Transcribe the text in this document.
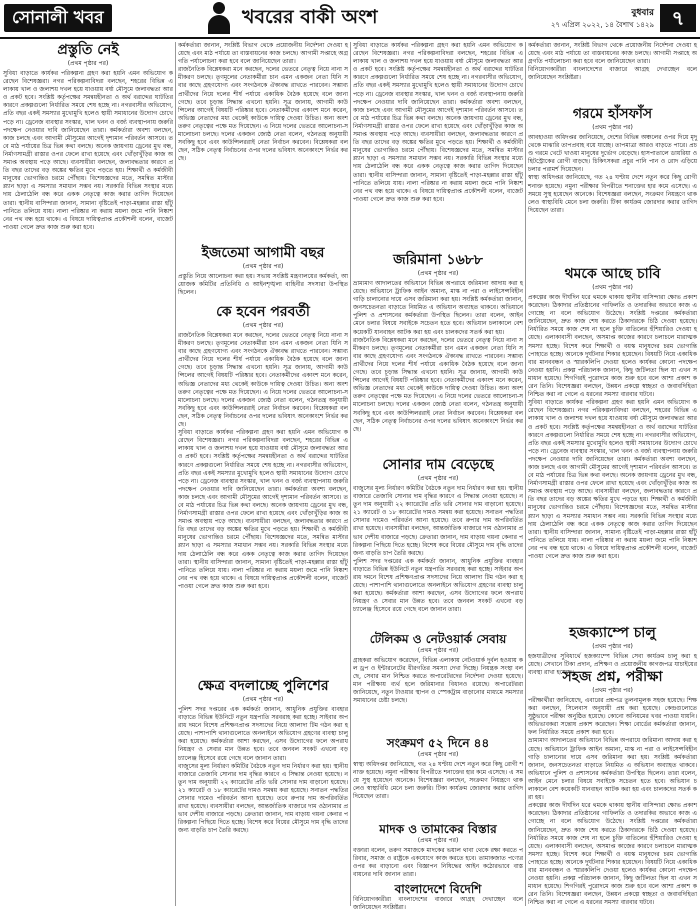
সোনালী খবর	খবরের বাকী অংশ	বুধবার
২৭ এপ্রিল ২০২২, ১৪ বৈশাখ ১৪২৯ ৭
প্রস্তুতি নেই
(প্রথম পৃষ্ঠার পর)

সুবিধা বাড়াতে কার্যকর পরিকল্পনা গ্রহণ করা হয়নি এমন অভিযোগ করেছেন বিশেষজ্ঞরা। নগর পরিকল্পনাবিদরা বলছেন, শহরের বিভিন্ন এলাকায় খাল ও জলাশয় দখল হয়ে যাওয়ায় বর্ষা মৌসুমে জলাবদ্ধতা আরও প্রকট হবে। সংশ্লিষ্ট কর্তৃপক্ষের সমন্বয়হীনতা ও অর্থ বরাদ্দের ঘাটতির কারণে প্রকল্পগুলো নির্ধারিত সময়ে শেষ হচ্ছে না। নগরবাসীর অভিযোগ, প্রতি বছর একই সমস্যার মুখোমুখি হলেও স্থায়ী সমাধানের উদ্যোগ চোখে পড়ে না। ড্রেনেজ ব্যবস্থার সংস্কার, খাল খনন ও বর্জ্য ব্যবস্থাপনায় জরুরি পদক্ষেপ নেওয়ার দাবি জানিয়েছেন তারা। কর্মকর্তারা অবশ্য বলছেন, কাজ চলছে এবং আগামী মৌসুমের আগেই দৃশ্যমান পরিবর্তন আসবে। তবে মাঠ পর্যায়ের চিত্র ভিন্ন কথা বলছে। অনেক জায়গায় ড্রেনের মুখ বন্ধ, নির্মাণসামগ্রী রাস্তার ওপর ফেলে রাখা হয়েছে এবং খোঁড়াখুঁড়ির কাজ অসমাপ্ত অবস্থায় পড়ে আছে। ব্যবসায়ীরা বলছেন, জলাবদ্ধতার কারণে প্রতি বছর তাদের বড় অঙ্কের ক্ষতির মুখে পড়তে হয়। শিক্ষার্থী ও কর্মজীবী মানুষের ভোগান্তিও চরমে পৌঁছায়। বিশেষজ্ঞদের মতে, সমন্বিত মাস্টারপ্ল্যান ছাড়া এ সমস্যার সমাধান সম্ভব নয়। সরকারি বিভিন্ন সংস্থার মধ্যে দায় ঠেলাঠেলি বন্ধ করে একক নেতৃত্বে কাজ করার তাগিদ দিয়েছেন তারা। স্থানীয় বাসিন্দারা জানান, সামান্য বৃষ্টিতেই পাড়া-মহল্লার রাস্তা হাঁটু পানিতে তলিয়ে যায়। নালা পরিষ্কার না করায় ময়লা জমে পানি নিষ্কাশনের পথ বন্ধ হয়ে থাকে। এ বিষয়ে দায়িত্বপ্রাপ্ত প্রকৌশলী বলেন, বাজেট পাওয়া গেলে দ্রুত কাজ শুরু করা হবে।

কর্মকর্তারা জানান, সংশ্লিষ্ট বিভাগ থেকে প্রয়োজনীয় নির্দেশনা দেওয়া হয়েছে এবং মাঠ পর্যায়ে তা বাস্তবায়নের কাজ চলছে। আগামী সপ্তাহে অগ্রগতি পর্যালোচনা করা হবে বলে জানিয়েছেন তারা।

রাজনৈতিক বিশ্লেষকরা মনে করছেন, দলের ভেতরে নেতৃত্ব নিয়ে নানা সমীকরণ চলছে। তৃণমূলের নেতাকর্মীরা চান এমন একজন নেতা যিনি সবার কাছে গ্রহণযোগ্য এবং সংগঠনকে ঐক্যবদ্ধ রাখতে পারবেন। সম্ভাব্য প্রার্থীদের নিয়ে দলের শীর্ষ পর্যায়ে একাধিক বৈঠক হয়েছে বলে জানা গেছে। তবে চূড়ান্ত সিদ্ধান্ত এখনো হয়নি। সূত্র জানায়, আগামী কাউন্সিলের আগেই বিষয়টি পরিষ্কার হবে। নেতাকর্মীদের একাংশ মনে করেন, অভিজ্ঞ নেতাদের মধ্য থেকেই কাউকে দায়িত্ব দেওয়া উচিত। অন্য অংশ তরুণ নেতৃত্বের পক্ষে মত দিয়েছেন। এ নিয়ে দলের ভেতরে আলোচনা-সমালোচনা চলছে। দলের একজন জ্যেষ্ঠ নেতা বলেন, গঠনতন্ত্র অনুযায়ী সবকিছু হবে এবং কাউন্সিলররাই নেতা নির্বাচন করবেন। বিশ্লেষকরা বলছেন, সঠিক নেতৃত্ব নির্বাচনের ওপর দলের ভবিষ্যৎ অনেকাংশে নির্ভর করছে।

ইজতেমা আগামী বছর
(প্রথম পৃষ্ঠার পর)

প্রস্তুতি নিয়ে আলোচনা করা হয়। সভায় সংশ্লিষ্ট মন্ত্রণালয়ের কর্মকর্তা, আয়োজক কমিটির প্রতিনিধি ও আইনশৃঙ্খলা বাহিনীর সদস্যরা উপস্থিত ছিলেন।

কে হবেন পরবর্তী
(প্রথম পৃষ্ঠার পর)

রাজনৈতিক বিশ্লেষকরা মনে করছেন, দলের ভেতরে নেতৃত্ব নিয়ে নানা সমীকরণ চলছে। তৃণমূলের নেতাকর্মীরা চান এমন একজন নেতা যিনি সবার কাছে গ্রহণযোগ্য এবং সংগঠনকে ঐক্যবদ্ধ রাখতে পারবেন। সম্ভাব্য প্রার্থীদের নিয়ে দলের শীর্ষ পর্যায়ে একাধিক বৈঠক হয়েছে বলে জানা গেছে। তবে চূড়ান্ত সিদ্ধান্ত এখনো হয়নি। সূত্র জানায়, আগামী কাউন্সিলের আগেই বিষয়টি পরিষ্কার হবে। নেতাকর্মীদের একাংশ মনে করেন, অভিজ্ঞ নেতাদের মধ্য থেকেই কাউকে দায়িত্ব দেওয়া উচিত। অন্য অংশ তরুণ নেতৃত্বের পক্ষে মত দিয়েছেন। এ নিয়ে দলের ভেতরে আলোচনা-সমালোচনা চলছে। দলের একজন জ্যেষ্ঠ নেতা বলেন, গঠনতন্ত্র অনুযায়ী সবকিছু হবে এবং কাউন্সিলররাই নেতা নির্বাচন করবেন। বিশ্লেষকরা বলছেন, সঠিক নেতৃত্ব নির্বাচনের ওপর দলের ভবিষ্যৎ অনেকাংশে নির্ভর করছে।

সুবিধা বাড়াতে কার্যকর পরিকল্পনা গ্রহণ করা হয়নি এমন অভিযোগ করেছেন বিশেষজ্ঞরা। নগর পরিকল্পনাবিদরা বলছেন, শহরের বিভিন্ন এলাকায় খাল ও জলাশয় দখল হয়ে যাওয়ায় বর্ষা মৌসুমে জলাবদ্ধতা আরও প্রকট হবে। সংশ্লিষ্ট কর্তৃপক্ষের সমন্বয়হীনতা ও অর্থ বরাদ্দের ঘাটতির কারণে প্রকল্পগুলো নির্ধারিত সময়ে শেষ হচ্ছে না। নগরবাসীর অভিযোগ, প্রতি বছর একই সমস্যার মুখোমুখি হলেও স্থায়ী সমাধানের উদ্যোগ চোখে পড়ে না। ড্রেনেজ ব্যবস্থার সংস্কার, খাল খনন ও বর্জ্য ব্যবস্থাপনায় জরুরি পদক্ষেপ নেওয়ার দাবি জানিয়েছেন তারা। কর্মকর্তারা অবশ্য বলছেন, কাজ চলছে এবং আগামী মৌসুমের আগেই দৃশ্যমান পরিবর্তন আসবে। তবে মাঠ পর্যায়ের চিত্র ভিন্ন কথা বলছে। অনেক জায়গায় ড্রেনের মুখ বন্ধ, নির্মাণসামগ্রী রাস্তার ওপর ফেলে রাখা হয়েছে এবং খোঁড়াখুঁড়ির কাজ অসমাপ্ত অবস্থায় পড়ে আছে। ব্যবসায়ীরা বলছেন, জলাবদ্ধতার কারণে প্রতি বছর তাদের বড় অঙ্কের ক্ষতির মুখে পড়তে হয়। শিক্ষার্থী ও কর্মজীবী মানুষের ভোগান্তিও চরমে পৌঁছায়। বিশেষজ্ঞদের মতে, সমন্বিত মাস্টারপ্ল্যান ছাড়া এ সমস্যার সমাধান সম্ভব নয়। সরকারি বিভিন্ন সংস্থার মধ্যে দায় ঠেলাঠেলি বন্ধ করে একক নেতৃত্বে কাজ করার তাগিদ দিয়েছেন তারা। স্থানীয় বাসিন্দারা জানান, সামান্য বৃষ্টিতেই পাড়া-মহল্লার রাস্তা হাঁটু পানিতে তলিয়ে যায়। নালা পরিষ্কার না করায় ময়লা জমে পানি নিষ্কাশনের পথ বন্ধ হয়ে থাকে। এ বিষয়ে দায়িত্বপ্রাপ্ত প্রকৌশলী বলেন, বাজেট পাওয়া গেলে দ্রুত কাজ শুরু করা হবে।

ক্ষেত্র বদলাচ্ছে পুলিশের
(প্রথম পৃষ্ঠার পর)

পুলিশ সদর দপ্তরের এক কর্মকর্তা জানান, আধুনিক প্রযুক্তির ব্যবহার বাড়াতে বিভিন্ন ইউনিটে নতুন যন্ত্রপাতি সরবরাহ করা হচ্ছে। সাইবার অপরাধ দমনে বিশেষ প্রশিক্ষণপ্রাপ্ত সদস্যদের নিয়ে আলাদা টিম গঠন করা হয়েছে। পাশাপাশি থানাগুলোতে অনলাইনে অভিযোগ গ্রহণের ব্যবস্থা চালু করা হয়েছে। কর্মকর্তারা আশা করছেন, এসব উদ্যোগের ফলে অপরাধ নিয়ন্ত্রণ ও সেবার মান উন্নত হবে। তবে জনবল সংকট এখনো বড় চ্যালেঞ্জ হিসেবে রয়ে গেছে বলে জানান তারা।

বাজুসের মূল্য নির্ধারণ কমিটির বৈঠকে নতুন দাম নির্ধারণ করা হয়। স্থানীয় বাজারে তেজাবি সোনার দাম বৃদ্ধির কারণে এ সিদ্ধান্ত নেওয়া হয়েছে। নতুন দাম অনুযায়ী ২২ ক্যারেটের প্রতি ভরি সোনার দাম বাড়ানো হয়েছে। ২১ ক্যারেট ও ১৮ ক্যারেটের দামও সমন্বয় করা হয়েছে। সনাতন পদ্ধতির সোনার দামেও পরিবর্তন আনা হয়েছে। তবে রুপার দাম অপরিবর্তিত রাখা হয়েছে। ব্যবসায়ীরা বলছেন, আন্তর্জাতিক বাজারে দাম ওঠানামার প্রভাব দেশীয় বাজারে পড়ছে। ক্রেতারা জানান, দাম বাড়ায় গয়না কেনার পরিকল্পনা পিছিয়ে দিতে হচ্ছে। বিশেষ করে বিয়ের মৌসুমে দাম বৃদ্ধি তাদের জন্য বাড়তি চাপ তৈরি করছে।

সুবিধা বাড়াতে কার্যকর পরিকল্পনা গ্রহণ করা হয়নি এমন অভিযোগ করেছেন বিশেষজ্ঞরা। নগর পরিকল্পনাবিদরা বলছেন, শহরের বিভিন্ন এলাকায় খাল ও জলাশয় দখল হয়ে যাওয়ায় বর্ষা মৌসুমে জলাবদ্ধতা আরও প্রকট হবে। সংশ্লিষ্ট কর্তৃপক্ষের সমন্বয়হীনতা ও অর্থ বরাদ্দের ঘাটতির কারণে প্রকল্পগুলো নির্ধারিত সময়ে শেষ হচ্ছে না। নগরবাসীর অভিযোগ, প্রতি বছর একই সমস্যার মুখোমুখি হলেও স্থায়ী সমাধানের উদ্যোগ চোখে পড়ে না। ড্রেনেজ ব্যবস্থার সংস্কার, খাল খনন ও বর্জ্য ব্যবস্থাপনায় জরুরি পদক্ষেপ নেওয়ার দাবি জানিয়েছেন তারা। কর্মকর্তারা অবশ্য বলছেন, কাজ চলছে এবং আগামী মৌসুমের আগেই দৃশ্যমান পরিবর্তন আসবে। তবে মাঠ পর্যায়ের চিত্র ভিন্ন কথা বলছে। অনেক জায়গায় ড্রেনের মুখ বন্ধ, নির্মাণসামগ্রী রাস্তার ওপর ফেলে রাখা হয়েছে এবং খোঁড়াখুঁড়ির কাজ অসমাপ্ত অবস্থায় পড়ে আছে। ব্যবসায়ীরা বলছেন, জলাবদ্ধতার কারণে প্রতি বছর তাদের বড় অঙ্কের ক্ষতির মুখে পড়তে হয়। শিক্ষার্থী ও কর্মজীবী মানুষের ভোগান্তিও চরমে পৌঁছায়। বিশেষজ্ঞদের মতে, সমন্বিত মাস্টারপ্ল্যান ছাড়া এ সমস্যার সমাধান সম্ভব নয়। সরকারি বিভিন্ন সংস্থার মধ্যে দায় ঠেলাঠেলি বন্ধ করে একক নেতৃত্বে কাজ করার তাগিদ দিয়েছেন তারা। স্থানীয় বাসিন্দারা জানান, সামান্য বৃষ্টিতেই পাড়া-মহল্লার রাস্তা হাঁটু পানিতে তলিয়ে যায়। নালা পরিষ্কার না করায় ময়লা জমে পানি নিষ্কাশনের পথ বন্ধ হয়ে থাকে। এ বিষয়ে দায়িত্বপ্রাপ্ত প্রকৌশলী বলেন, বাজেট পাওয়া গেলে দ্রুত কাজ শুরু করা হবে।

জরিমানা ১৬৮৮
(প্রথম পৃষ্ঠার পর)

ভ্রাম্যমাণ আদালতের অভিযানে বিভিন্ন অপরাধে জরিমানা আদায় করা হয়েছে। অভিযানে ট্রাফিক আইন অমান্য, মাস্ক না পরা ও লাইসেন্সবিহীন গাড়ি চালানোর দায়ে এসব জরিমানা করা হয়। সংশ্লিষ্ট কর্মকর্তারা জানান, জনসচেতনতা বাড়াতে নিয়মিত এ অভিযান অব্যাহত থাকবে। অভিযানে পুলিশ ও প্রশাসনের কর্মকর্তারা উপস্থিত ছিলেন। তারা বলেন, আইন মেনে চলার বিষয়ে সবাইকে সচেতন হতে হবে। অভিযান চলাকালে বেশ কয়েকটি যানবাহন আটক করা হয় এবং চালকদের সতর্ক করা হয়।

রাজনৈতিক বিশ্লেষকরা মনে করছেন, দলের ভেতরে নেতৃত্ব নিয়ে নানা সমীকরণ চলছে। তৃণমূলের নেতাকর্মীরা চান এমন একজন নেতা যিনি সবার কাছে গ্রহণযোগ্য এবং সংগঠনকে ঐক্যবদ্ধ রাখতে পারবেন। সম্ভাব্য প্রার্থীদের নিয়ে দলের শীর্ষ পর্যায়ে একাধিক বৈঠক হয়েছে বলে জানা গেছে। তবে চূড়ান্ত সিদ্ধান্ত এখনো হয়নি। সূত্র জানায়, আগামী কাউন্সিলের আগেই বিষয়টি পরিষ্কার হবে। নেতাকর্মীদের একাংশ মনে করেন, অভিজ্ঞ নেতাদের মধ্য থেকেই কাউকে দায়িত্ব দেওয়া উচিত। অন্য অংশ তরুণ নেতৃত্বের পক্ষে মত দিয়েছেন। এ নিয়ে দলের ভেতরে আলোচনা-সমালোচনা চলছে। দলের একজন জ্যেষ্ঠ নেতা বলেন, গঠনতন্ত্র অনুযায়ী সবকিছু হবে এবং কাউন্সিলররাই নেতা নির্বাচন করবেন। বিশ্লেষকরা বলছেন, সঠিক নেতৃত্ব নির্বাচনের ওপর দলের ভবিষ্যৎ অনেকাংশে নির্ভর করছে।

সোনার দাম বেড়েছে
(প্রথম পৃষ্ঠার পর)

বাজুসের মূল্য নির্ধারণ কমিটির বৈঠকে নতুন দাম নির্ধারণ করা হয়। স্থানীয় বাজারে তেজাবি সোনার দাম বৃদ্ধির কারণে এ সিদ্ধান্ত নেওয়া হয়েছে। নতুন দাম অনুযায়ী ২২ ক্যারেটের প্রতি ভরি সোনার দাম বাড়ানো হয়েছে। ২১ ক্যারেট ও ১৮ ক্যারেটের দামও সমন্বয় করা হয়েছে। সনাতন পদ্ধতির সোনার দামেও পরিবর্তন আনা হয়েছে। তবে রুপার দাম অপরিবর্তিত রাখা হয়েছে। ব্যবসায়ীরা বলছেন, আন্তর্জাতিক বাজারে দাম ওঠানামার প্রভাব দেশীয় বাজারে পড়ছে। ক্রেতারা জানান, দাম বাড়ায় গয়না কেনার পরিকল্পনা পিছিয়ে দিতে হচ্ছে। বিশেষ করে বিয়ের মৌসুমে দাম বৃদ্ধি তাদের জন্য বাড়তি চাপ তৈরি করছে।

পুলিশ সদর দপ্তরের এক কর্মকর্তা জানান, আধুনিক প্রযুক্তির ব্যবহার বাড়াতে বিভিন্ন ইউনিটে নতুন যন্ত্রপাতি সরবরাহ করা হচ্ছে। সাইবার অপরাধ দমনে বিশেষ প্রশিক্ষণপ্রাপ্ত সদস্যদের নিয়ে আলাদা টিম গঠন করা হয়েছে। পাশাপাশি থানাগুলোতে অনলাইনে অভিযোগ গ্রহণের ব্যবস্থা চালু করা হয়েছে। কর্মকর্তারা আশা করছেন, এসব উদ্যোগের ফলে অপরাধ নিয়ন্ত্রণ ও সেবার মান উন্নত হবে। তবে জনবল সংকট এখনো বড় চ্যালেঞ্জ হিসেবে রয়ে গেছে বলে জানান তারা।

টেলিকম ও নেটওয়ার্ক সেবায়
(প্রথম পৃষ্ঠার পর)

গ্রাহকরা অভিযোগ করেছেন, বিভিন্ন এলাকায় নেটওয়ার্ক দুর্বল হওয়ায় কল ড্রপ ও ইন্টারনেটের ধীরগতির সমস্যা দেখা দিচ্ছে। নিয়ন্ত্রক সংস্থা বলছে, সেবার মান নিশ্চিত করতে অপারেটরদের নির্দেশনা দেওয়া হয়েছে। মান পরীক্ষায় ব্যর্থ হলে জরিমানার বিধানও রয়েছে। অপারেটররা জানিয়েছে, নতুন টাওয়ার স্থাপন ও স্পেকট্রাম বাড়ানোর মাধ্যমে সমস্যার সমাধানের চেষ্টা চলছে।

সংক্রমণ ৫২ দিনে ৪৪
(প্রথম পৃষ্ঠার পর)

স্বাস্থ্য অধিদপ্তর জানিয়েছে, গত ২৪ ঘণ্টায় দেশে নতুন করে কিছু রোগী শনাক্ত হয়েছে। নমুনা পরীক্ষার বিপরীতে শনাক্তের হার কমে এসেছে। এ সময়ে সুস্থ হয়েছেন অনেকে। বিশেষজ্ঞরা বলছেন, সংক্রমণ নিয়ন্ত্রণে থাকলেও স্বাস্থ্যবিধি মেনে চলা জরুরি। টিকা কার্যক্রম জোরদার করার তাগিদ দিয়েছেন তারা।

মাদক ও তামাকের বিস্তার
(প্রথম পৃষ্ঠার পর)

বক্তারা বলেন, তরুণ সমাজকে মাদকের ভয়াল থাবা থেকে রক্ষা করতে পরিবার, সমাজ ও রাষ্ট্রকে একযোগে কাজ করতে হবে। তামাকজাত পণ্যের ওপর কর বাড়ানো এবং বিজ্ঞাপন নিষিদ্ধের আইন কঠোরভাবে বাস্তবায়নের দাবি জানান তারা।

বাংলাদেশে বিদেশি

বিনিয়োগকারীরা বাংলাদেশের বাজারে আগ্রহ দেখাচ্ছেন বলে জানিয়েছেন সংশ্লিষ্টরা।

কর্মকর্তারা জানান, সংশ্লিষ্ট বিভাগ থেকে প্রয়োজনীয় নির্দেশনা দেওয়া হয়েছে এবং মাঠ পর্যায়ে তা বাস্তবায়নের কাজ চলছে। আগামী সপ্তাহে অগ্রগতি পর্যালোচনা করা হবে বলে জানিয়েছেন তারা।

বিনিয়োগকারীরা বাংলাদেশের বাজারে আগ্রহ দেখাচ্ছেন বলে জানিয়েছেন সংশ্লিষ্টরা।

গরমে হাঁসফাঁস
(প্রথম পৃষ্ঠার পর)

আবহাওয়া অধিদপ্তর জানিয়েছে, দেশের বিভিন্ন অঞ্চলের ওপর দিয়ে মৃদু থেকে মাঝারি তাপপ্রবাহ বয়ে যাচ্ছে। তাপমাত্রা আরও বাড়তে পারে। প্রচণ্ড গরমে খেটে খাওয়া মানুষের দুর্ভোগ বেড়েছে। হাসপাতালে ডায়রিয়া ও হিটস্ট্রোকের রোগী বাড়ছে। চিকিৎসকরা প্রচুর পানি পান ও রোদ এড়িয়ে চলার পরামর্শ দিয়েছেন।

স্বাস্থ্য অধিদপ্তর জানিয়েছে, গত ২৪ ঘণ্টায় দেশে নতুন করে কিছু রোগী শনাক্ত হয়েছে। নমুনা পরীক্ষার বিপরীতে শনাক্তের হার কমে এসেছে। এ সময়ে সুস্থ হয়েছেন অনেকে। বিশেষজ্ঞরা বলছেন, সংক্রমণ নিয়ন্ত্রণে থাকলেও স্বাস্থ্যবিধি মেনে চলা জরুরি। টিকা কার্যক্রম জোরদার করার তাগিদ দিয়েছেন তারা।

থমকে আছে চাবি
(প্রথম পৃষ্ঠার পর)

প্রকল্পের কাজ দীর্ঘদিন ধরে থমকে থাকায় স্থানীয় বাসিন্দারা ক্ষোভ প্রকাশ করেছেন। ঠিকাদার প্রতিষ্ঠানের গাফিলতি ও তদারকির অভাবে কাজ এগোচ্ছে না বলে অভিযোগ উঠেছে। সংশ্লিষ্ট দপ্তরের কর্মকর্তারা জানিয়েছেন, দ্রুত কাজ শেষ করতে ঠিকাদারকে চিঠি দেওয়া হয়েছে। নির্ধারিত সময়ে কাজ শেষ না হলে চুক্তি বাতিলের হুঁশিয়ারিও দেওয়া হয়েছে। এলাকাবাসী বলছেন, অসমাপ্ত কাজের কারণে চলাচলে মারাত্মক সমস্যা হচ্ছে। বিশেষ করে শিক্ষার্থী ও বয়স্ক মানুষদের চরম ভোগান্তি পোহাতে হচ্ছে। অনেকে দুর্ঘটনার শিকার হয়েছেন। বিষয়টি নিয়ে একাধিকবার মানববন্ধন ও স্মারকলিপি দেওয়া হলেও কার্যকর কোনো পদক্ষেপ নেওয়া হয়নি। প্রকল্প পরিচালক জানান, কিছু জটিলতা ছিল যা এখন সমাধান হয়েছে। শিগগিরই পুরোদমে কাজ শুরু হবে বলে আশা প্রকাশ করেন তিনি। বিশেষজ্ঞরা বলছেন, উন্নয়ন প্রকল্পে স্বচ্ছতা ও জবাবদিহিতা নিশ্চিত করা না গেলে এ ধরনের সমস্যা বারবার ঘটবে।

সুবিধা বাড়াতে কার্যকর পরিকল্পনা গ্রহণ করা হয়নি এমন অভিযোগ করেছেন বিশেষজ্ঞরা। নগর পরিকল্পনাবিদরা বলছেন, শহরের বিভিন্ন এলাকায় খাল ও জলাশয় দখল হয়ে যাওয়ায় বর্ষা মৌসুমে জলাবদ্ধতা আরও প্রকট হবে। সংশ্লিষ্ট কর্তৃপক্ষের সমন্বয়হীনতা ও অর্থ বরাদ্দের ঘাটতির কারণে প্রকল্পগুলো নির্ধারিত সময়ে শেষ হচ্ছে না। নগরবাসীর অভিযোগ, প্রতি বছর একই সমস্যার মুখোমুখি হলেও স্থায়ী সমাধানের উদ্যোগ চোখে পড়ে না। ড্রেনেজ ব্যবস্থার সংস্কার, খাল খনন ও বর্জ্য ব্যবস্থাপনায় জরুরি পদক্ষেপ নেওয়ার দাবি জানিয়েছেন তারা। কর্মকর্তারা অবশ্য বলছেন, কাজ চলছে এবং আগামী মৌসুমের আগেই দৃশ্যমান পরিবর্তন আসবে। তবে মাঠ পর্যায়ের চিত্র ভিন্ন কথা বলছে। অনেক জায়গায় ড্রেনের মুখ বন্ধ, নির্মাণসামগ্রী রাস্তার ওপর ফেলে রাখা হয়েছে এবং খোঁড়াখুঁড়ির কাজ অসমাপ্ত অবস্থায় পড়ে আছে। ব্যবসায়ীরা বলছেন, জলাবদ্ধতার কারণে প্রতি বছর তাদের বড় অঙ্কের ক্ষতির মুখে পড়তে হয়। শিক্ষার্থী ও কর্মজীবী মানুষের ভোগান্তিও চরমে পৌঁছায়। বিশেষজ্ঞদের মতে, সমন্বিত মাস্টারপ্ল্যান ছাড়া এ সমস্যার সমাধান সম্ভব নয়। সরকারি বিভিন্ন সংস্থার মধ্যে দায় ঠেলাঠেলি বন্ধ করে একক নেতৃত্বে কাজ করার তাগিদ দিয়েছেন তারা। স্থানীয় বাসিন্দারা জানান, সামান্য বৃষ্টিতেই পাড়া-মহল্লার রাস্তা হাঁটু পানিতে তলিয়ে যায়। নালা পরিষ্কার না করায় ময়লা জমে পানি নিষ্কাশনের পথ বন্ধ হয়ে থাকে। এ বিষয়ে দায়িত্বপ্রাপ্ত প্রকৌশলী বলেন, বাজেট পাওয়া গেলে দ্রুত কাজ শুরু করা হবে।

হজক্যাম্পে চালু
(প্রথম পৃষ্ঠার পর)

হজযাত্রীদের সুবিধার্থে হজক্যাম্পে বিভিন্ন সেবা কার্যক্রম চালু করা হয়েছে। সেখানে টিকা প্রদান, প্রশিক্ষণ ও প্রয়োজনীয় কাগজপত্র যাচাইয়ের ব্যবস্থা রাখা হয়েছে।

সহজ প্রশ্ন, পরীক্ষা
(প্রথম পৃষ্ঠার পর)

পরীক্ষার্থীরা জানিয়েছে, এবারের প্রশ্নপত্র তুলনামূলক সহজ হয়েছে। শিক্ষকরা বলছেন, সিলেবাস অনুযায়ী প্রশ্ন করা হয়েছে। কেন্দ্রগুলোতে সুষ্ঠুভাবে পরীক্ষা অনুষ্ঠিত হয়েছে। কোনো অনিয়মের খবর পাওয়া যায়নি। অভিভাবকরা সন্তোষ প্রকাশ করেছেন। শিক্ষা বোর্ডের কর্মকর্তারা জানান, ফল নির্ধারিত সময়ে প্রকাশ করা হবে।

ভ্রাম্যমাণ আদালতের অভিযানে বিভিন্ন অপরাধে জরিমানা আদায় করা হয়েছে। অভিযানে ট্রাফিক আইন অমান্য, মাস্ক না পরা ও লাইসেন্সবিহীন গাড়ি চালানোর দায়ে এসব জরিমানা করা হয়। সংশ্লিষ্ট কর্মকর্তারা জানান, জনসচেতনতা বাড়াতে নিয়মিত এ অভিযান অব্যাহত থাকবে। অভিযানে পুলিশ ও প্রশাসনের কর্মকর্তারা উপস্থিত ছিলেন। তারা বলেন, আইন মেনে চলার বিষয়ে সবাইকে সচেতন হতে হবে। অভিযান চলাকালে বেশ কয়েকটি যানবাহন আটক করা হয় এবং চালকদের সতর্ক করা হয়।

প্রকল্পের কাজ দীর্ঘদিন ধরে থমকে থাকায় স্থানীয় বাসিন্দারা ক্ষোভ প্রকাশ করেছেন। ঠিকাদার প্রতিষ্ঠানের গাফিলতি ও তদারকির অভাবে কাজ এগোচ্ছে না বলে অভিযোগ উঠেছে। সংশ্লিষ্ট দপ্তরের কর্মকর্তারা জানিয়েছেন, দ্রুত কাজ শেষ করতে ঠিকাদারকে চিঠি দেওয়া হয়েছে। নির্ধারিত সময়ে কাজ শেষ না হলে চুক্তি বাতিলের হুঁশিয়ারিও দেওয়া হয়েছে। এলাকাবাসী বলছেন, অসমাপ্ত কাজের কারণে চলাচলে মারাত্মক সমস্যা হচ্ছে। বিশেষ করে শিক্ষার্থী ও বয়স্ক মানুষদের চরম ভোগান্তি পোহাতে হচ্ছে। অনেকে দুর্ঘটনার শিকার হয়েছেন। বিষয়টি নিয়ে একাধিকবার মানববন্ধন ও স্মারকলিপি দেওয়া হলেও কার্যকর কোনো পদক্ষেপ নেওয়া হয়নি। প্রকল্প পরিচালক জানান, কিছু জটিলতা ছিল যা এখন সমাধান হয়েছে। শিগগিরই পুরোদমে কাজ শুরু হবে বলে আশা প্রকাশ করেন তিনি। বিশেষজ্ঞরা বলছেন, উন্নয়ন প্রকল্পে স্বচ্ছতা ও জবাবদিহিতা নিশ্চিত করা না গেলে এ ধরনের সমস্যা বারবার ঘটবে।
